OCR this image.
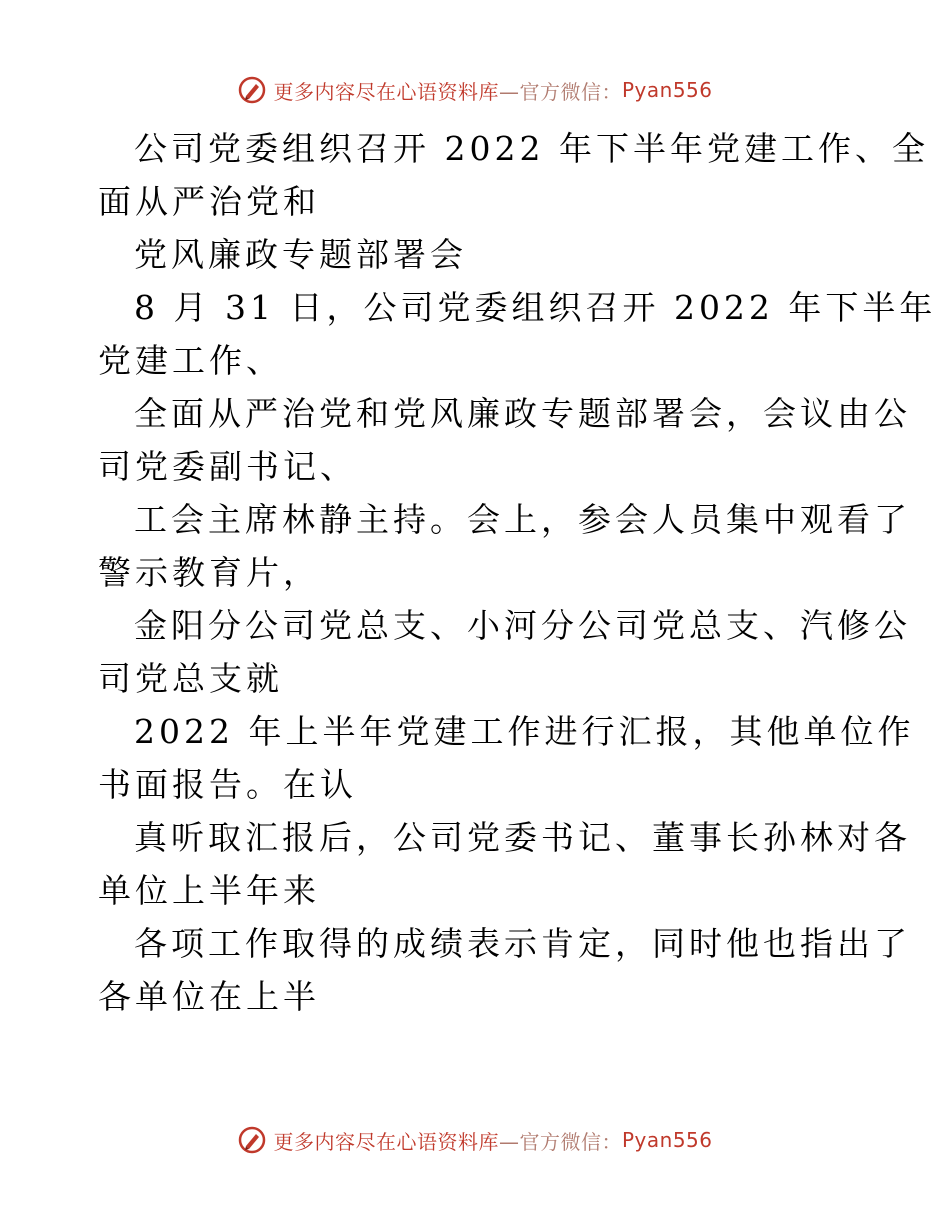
更多内容尽在心语资料库 —官方微信： Pyan556

公司党委组织召开 2022 年下半年党建工作、全

面从严治党和

党风廉政专题部署会

8 月 31 日，公司党委组织召开 2022 年下半年

党建工作、

全面从严治党和党风廉政专题部署会，会议由公

司党委副书记、

工会主席林静主持。会上，参会人员集中观看了

警示教育片，

金阳分公司党总支、小河分公司党总支、汽修公

司党总支就

2022 年上半年党建工作进行汇报，其他单位作

书面报告。在认

真听取汇报后，公司党委书记、董事长孙林对各

单位上半年来

各项工作取得的成绩表示肯定，同时他也指出了

各单位在上半

更多内容尽在心语资料库 —官方微信： Pyan556
